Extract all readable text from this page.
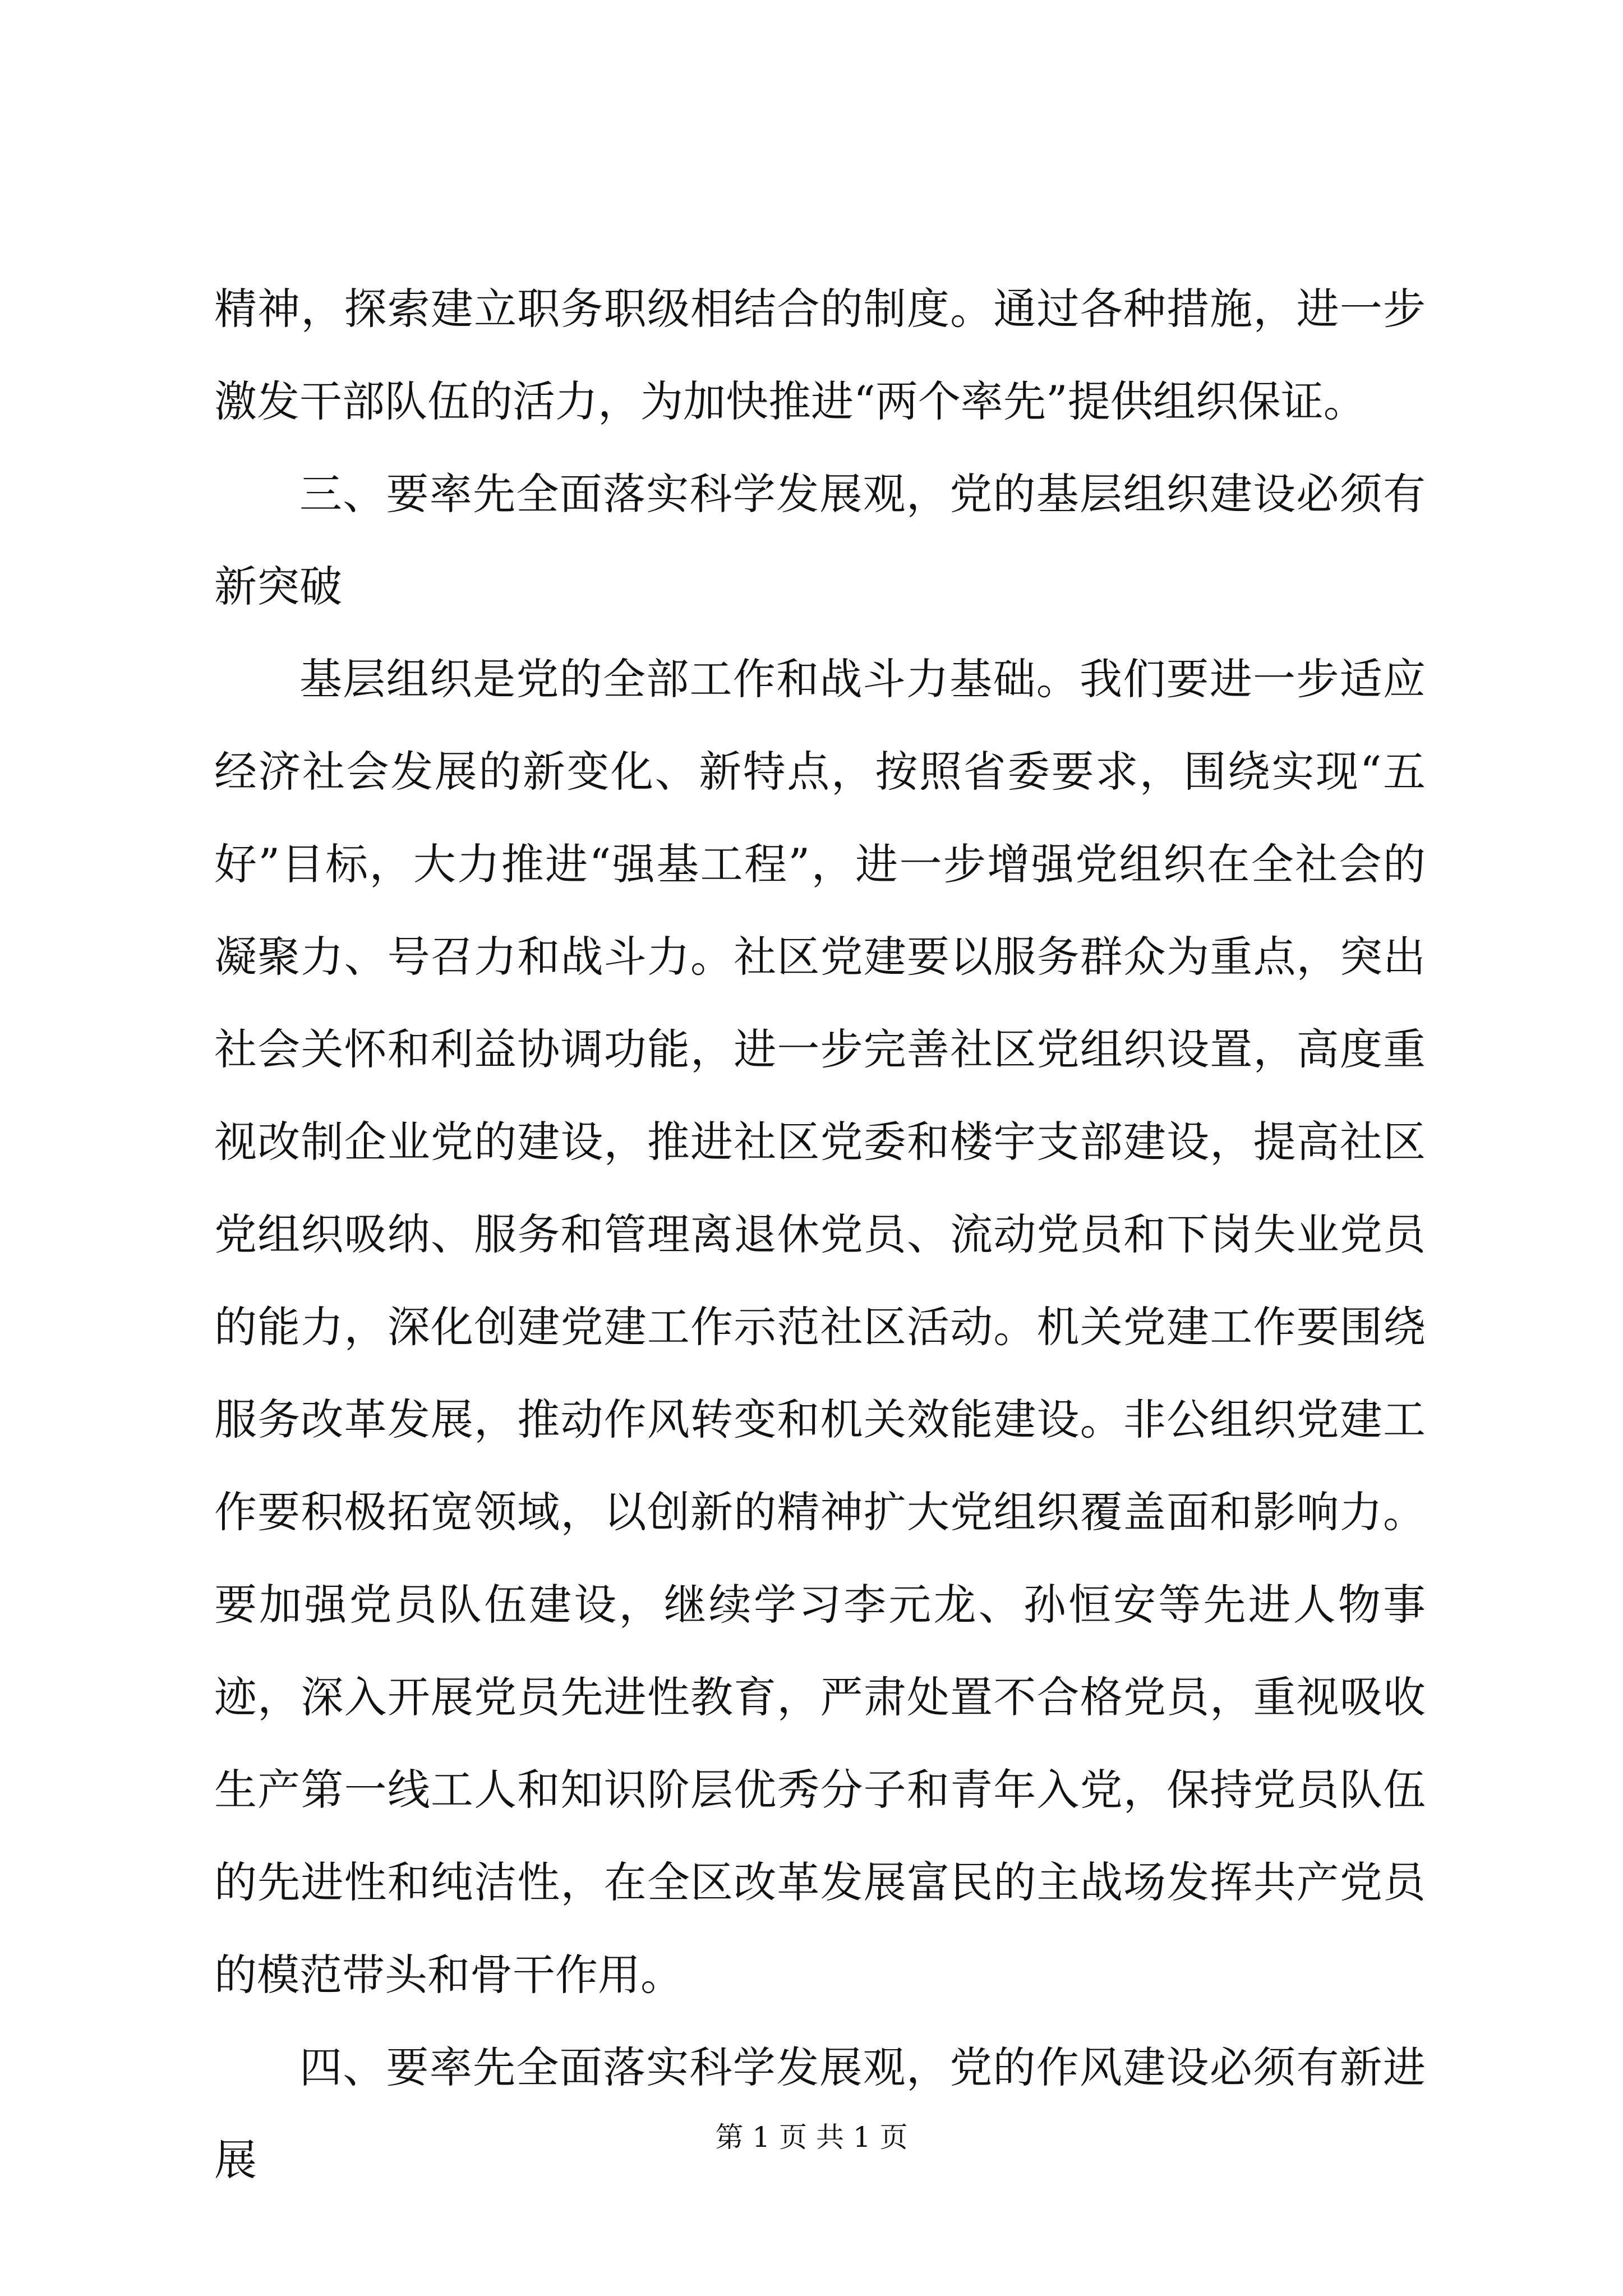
精神，探索建立职务职级相结合的制度。通过各种措施，进一步激发干部队伍的活力，为加快推进“两个率先”提供组织保证。

三、要率先全面落实科学发展观，党的基层组织建设必须有新突破

基层组织是党的全部工作和战斗力基础。我们要进一步适应经济社会发展的新变化、新特点，按照省委要求，围绕实现“五好”目标，大力推进“强基工程”，进一步增强党组织在全社会的凝聚力、号召力和战斗力。社区党建要以服务群众为重点，突出社会关怀和利益协调功能，进一步完善社区党组织设置，高度重视改制企业党的建设，推进社区党委和楼宇支部建设，提高社区党组织吸纳、服务和管理离退休党员、流动党员和下岗失业党员的能力，深化创建党建工作示范社区活动。机关党建工作要围绕服务改革发展，推动作风转变和机关效能建设。非公组织党建工作要积极拓宽领域，以创新的精神扩大党组织覆盖面和影响力。要加强党员队伍建设，继续学习李元龙、孙恒安等先进人物事迹，深入开展党员先进性教育，严肃处置不合格党员，重视吸收生产第一线工人和知识阶层优秀分子和青年入党，保持党员队伍的先进性和纯洁性，在全区改革发展富民的主战场发挥共产党员的模范带头和骨干作用。

四、要率先全面落实科学发展观，党的作风建设必须有新进展	第 1 页 共 1 页
